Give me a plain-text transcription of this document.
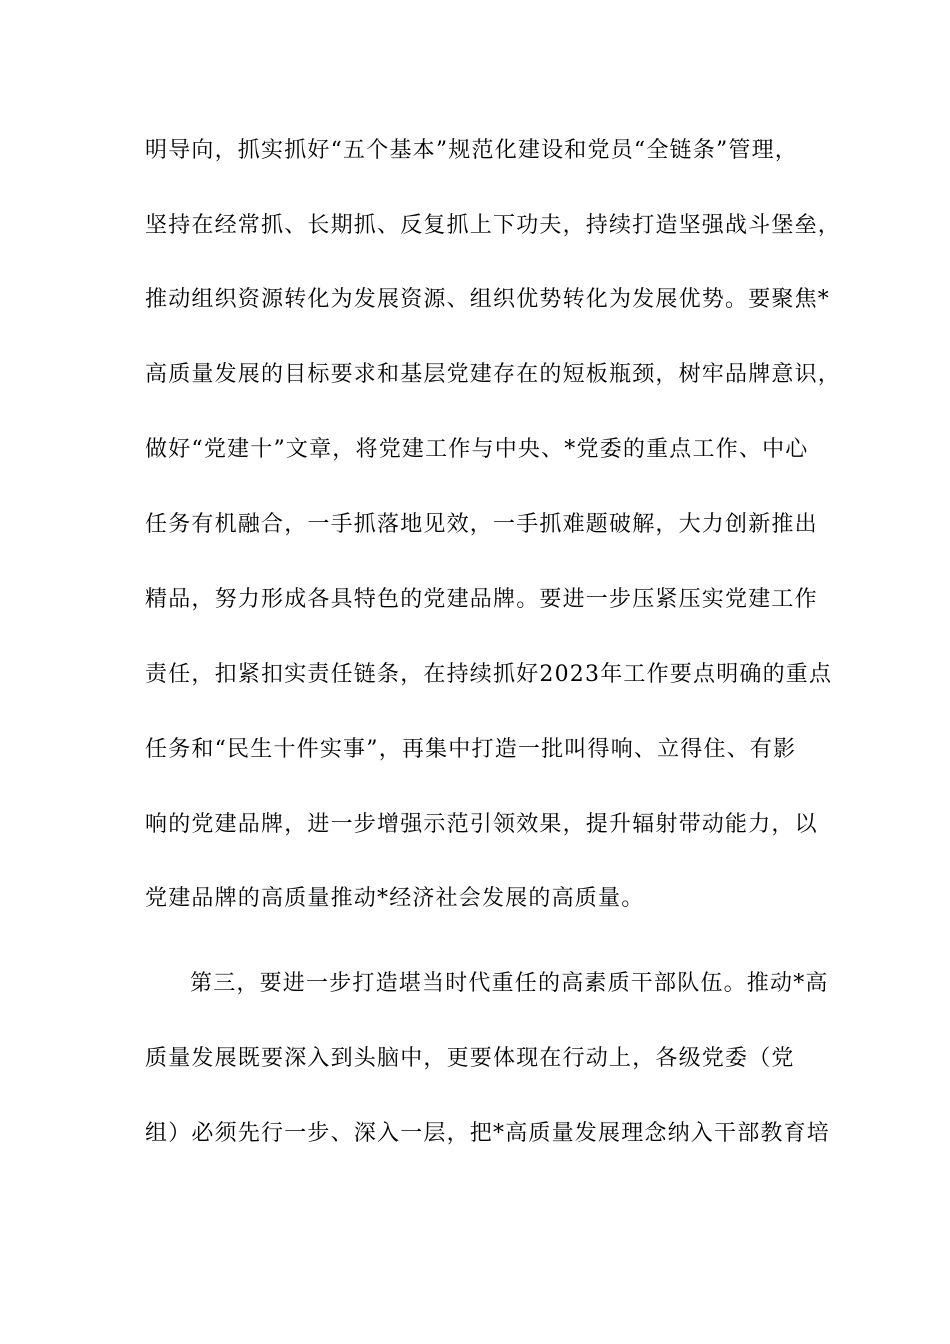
明导向，抓实抓好“五个基本”规范化建设和党员“全链条”管理，

坚持在经常抓、长期抓、反复抓上下功夫，持续打造坚强战斗堡垒，

推动组织资源转化为发展资源、组织优势转化为发展优势。要聚焦*

高质量发展的目标要求和基层党建存在的短板瓶颈，树牢品牌意识，

做好“党建十”文章，将党建工作与中央、*党委的重点工作、中心

任务有机融合，一手抓落地见效，一手抓难题破解，大力创新推出

精品，努力形成各具特色的党建品牌。要进一步压紧压实党建工作

责任，扣紧扣实责任链条，在持续抓好2023年工作要点明确的重点

任务和“民生十件实事”，再集中打造一批叫得响、立得住、有影

响的党建品牌，进一步增强示范引领效果，提升辐射带动能力，以

党建品牌的高质量推动*经济社会发展的高质量。

第三，要进一步打造堪当时代重任的高素质干部队伍。推动*高

质量发展既要深入到头脑中，更要体现在行动上，各级党委（党

组）必须先行一步、深入一层，把*高质量发展理念纳入干部教育培
